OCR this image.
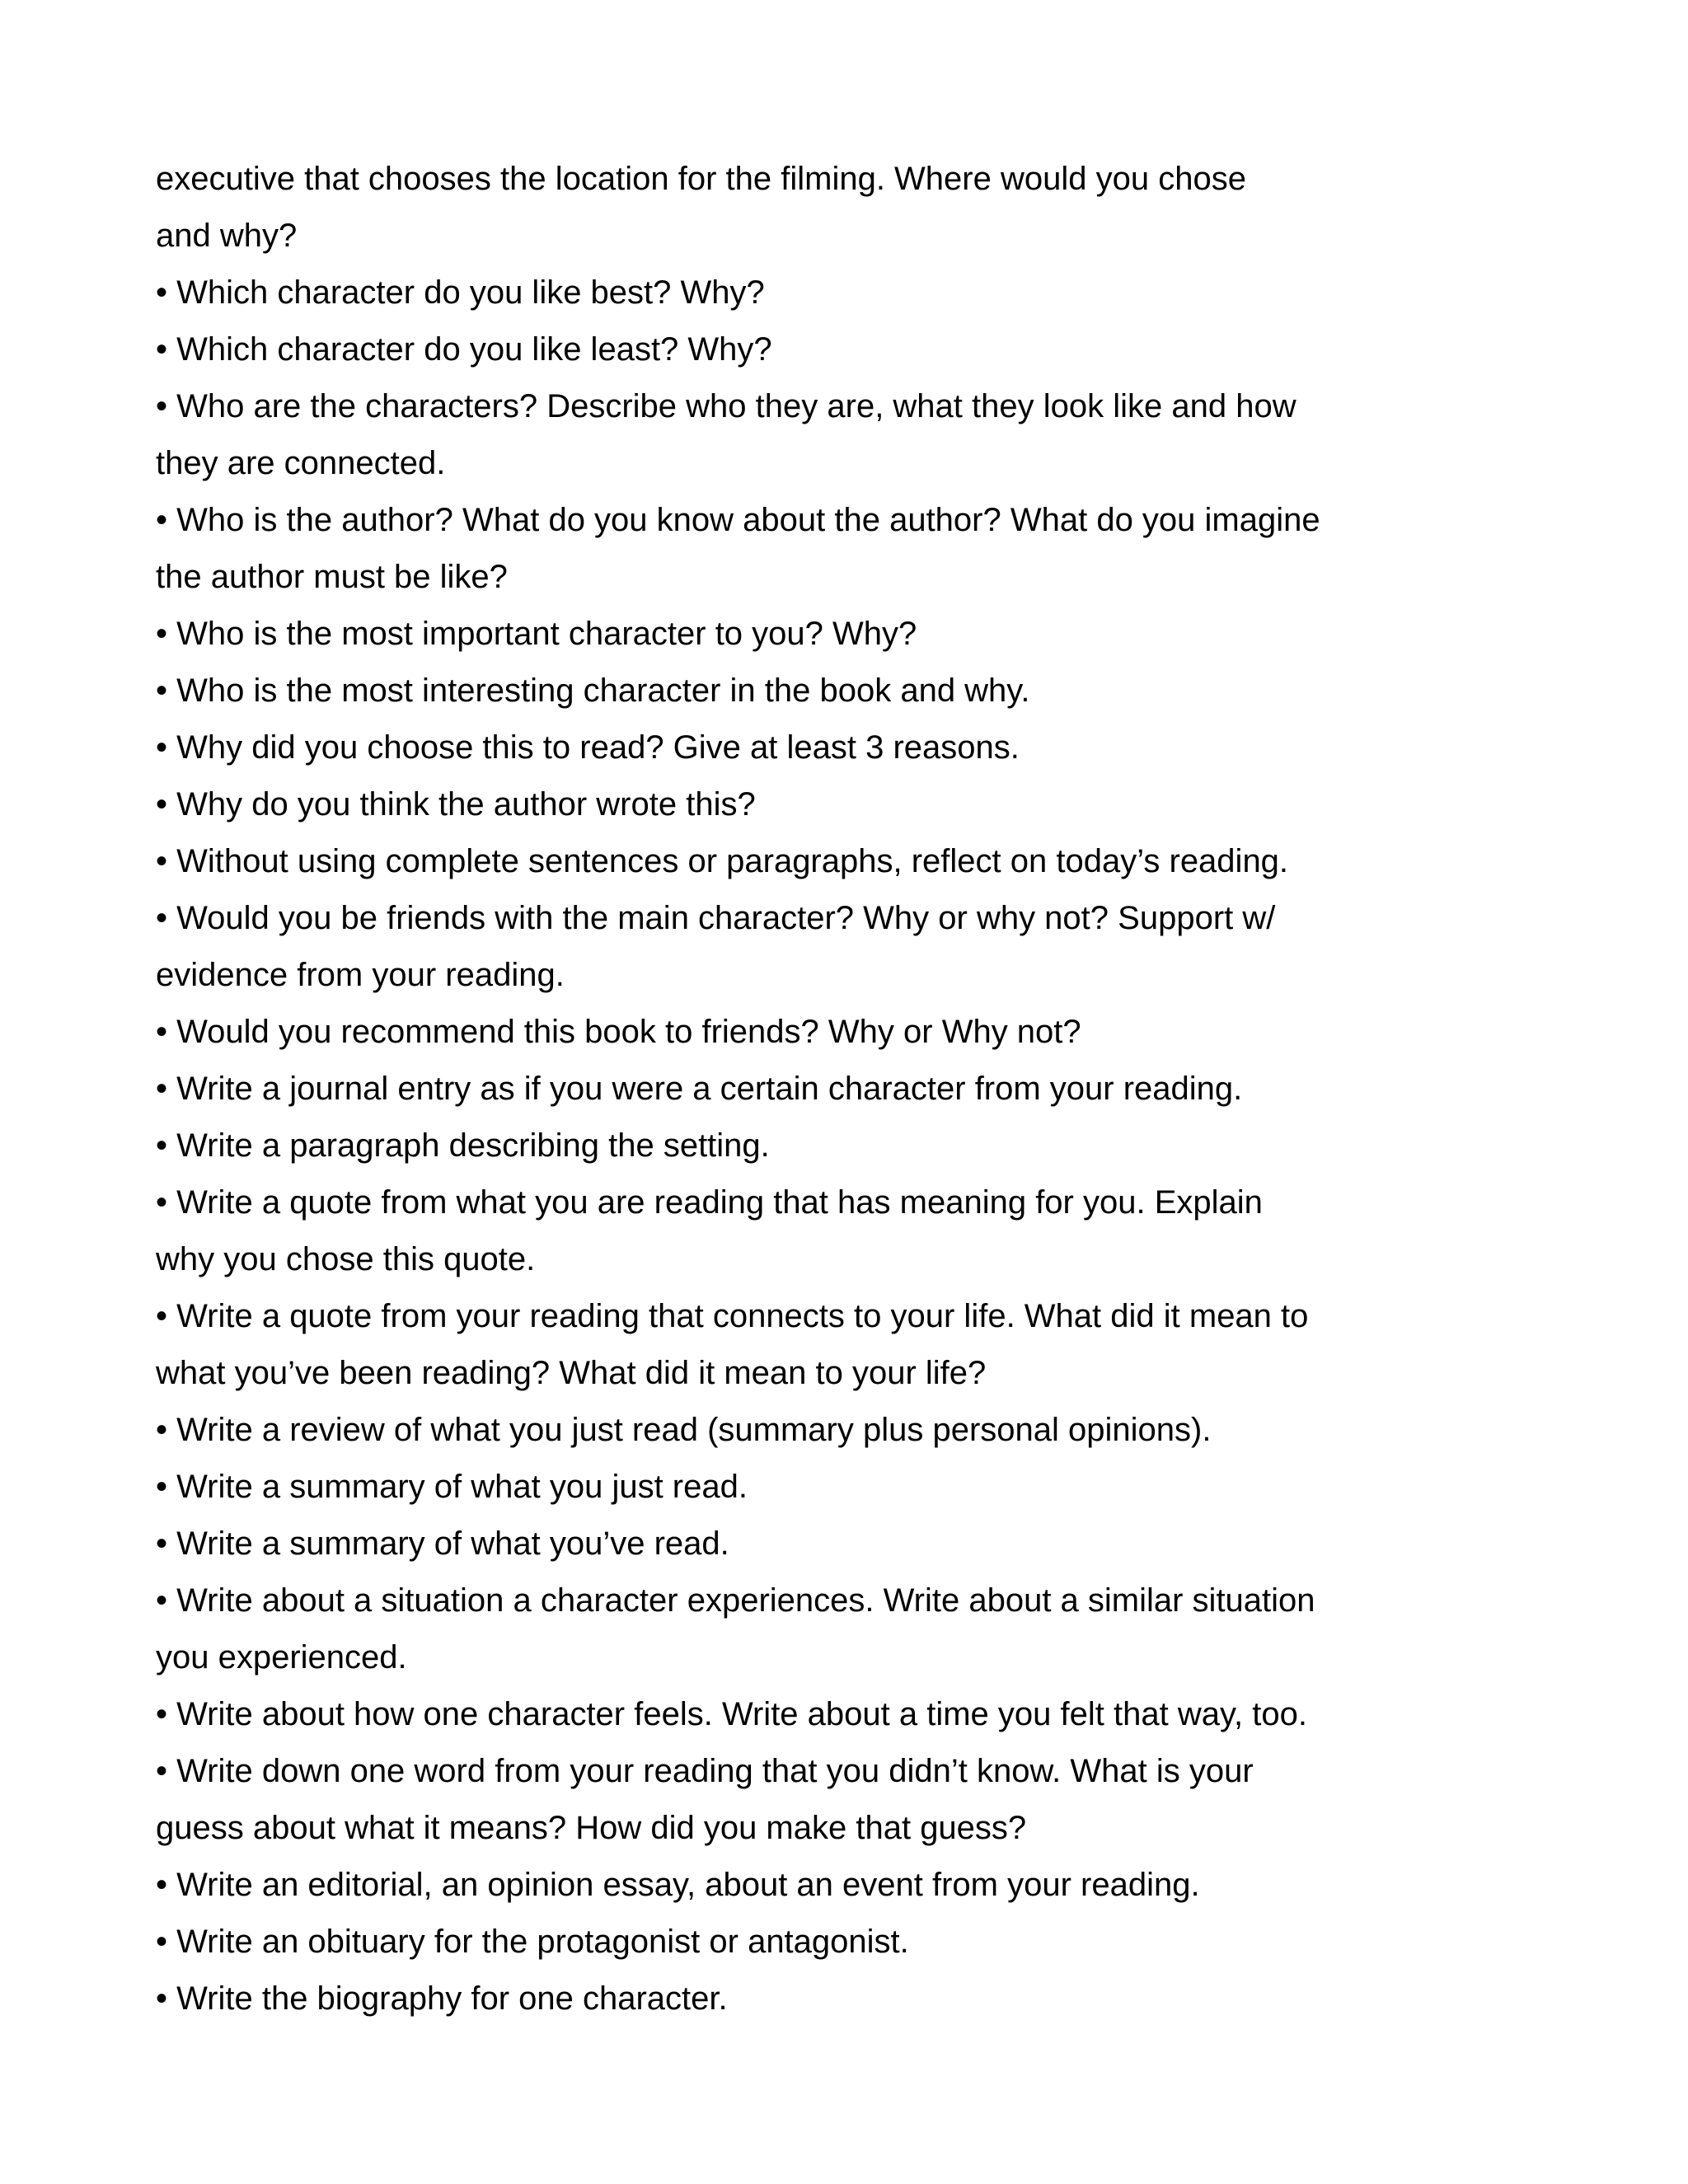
executive that chooses the location for the filming. Where would you chose
and why?
• Which character do you like best? Why?
• Which character do you like least? Why?
• Who are the characters? Describe who they are, what they look like and how
they are connected.
• Who is the author? What do you know about the author? What do you imagine
the author must be like?
• Who is the most important character to you? Why?
• Who is the most interesting character in the book and why.
• Why did you choose this to read? Give at least 3 reasons.
• Why do you think the author wrote this?
• Without using complete sentences or paragraphs, reflect on today’s reading.
• Would you be friends with the main character? Why or why not? Support w/
evidence from your reading.
• Would you recommend this book to friends? Why or Why not?
• Write a journal entry as if you were a certain character from your reading.
• Write a paragraph describing the setting.
• Write a quote from what you are reading that has meaning for you. Explain
why you chose this quote.
• Write a quote from your reading that connects to your life. What did it mean to
what you’ve been reading? What did it mean to your life?
• Write a review of what you just read (summary plus personal opinions).
• Write a summary of what you just read.
• Write a summary of what you’ve read.
• Write about a situation a character experiences. Write about a similar situation
you experienced.
• Write about how one character feels. Write about a time you felt that way, too.
• Write down one word from your reading that you didn’t know. What is your
guess about what it means? How did you make that guess?
• Write an editorial, an opinion essay, about an event from your reading.
• Write an obituary for the protagonist or antagonist.
• Write the biography for one character.
